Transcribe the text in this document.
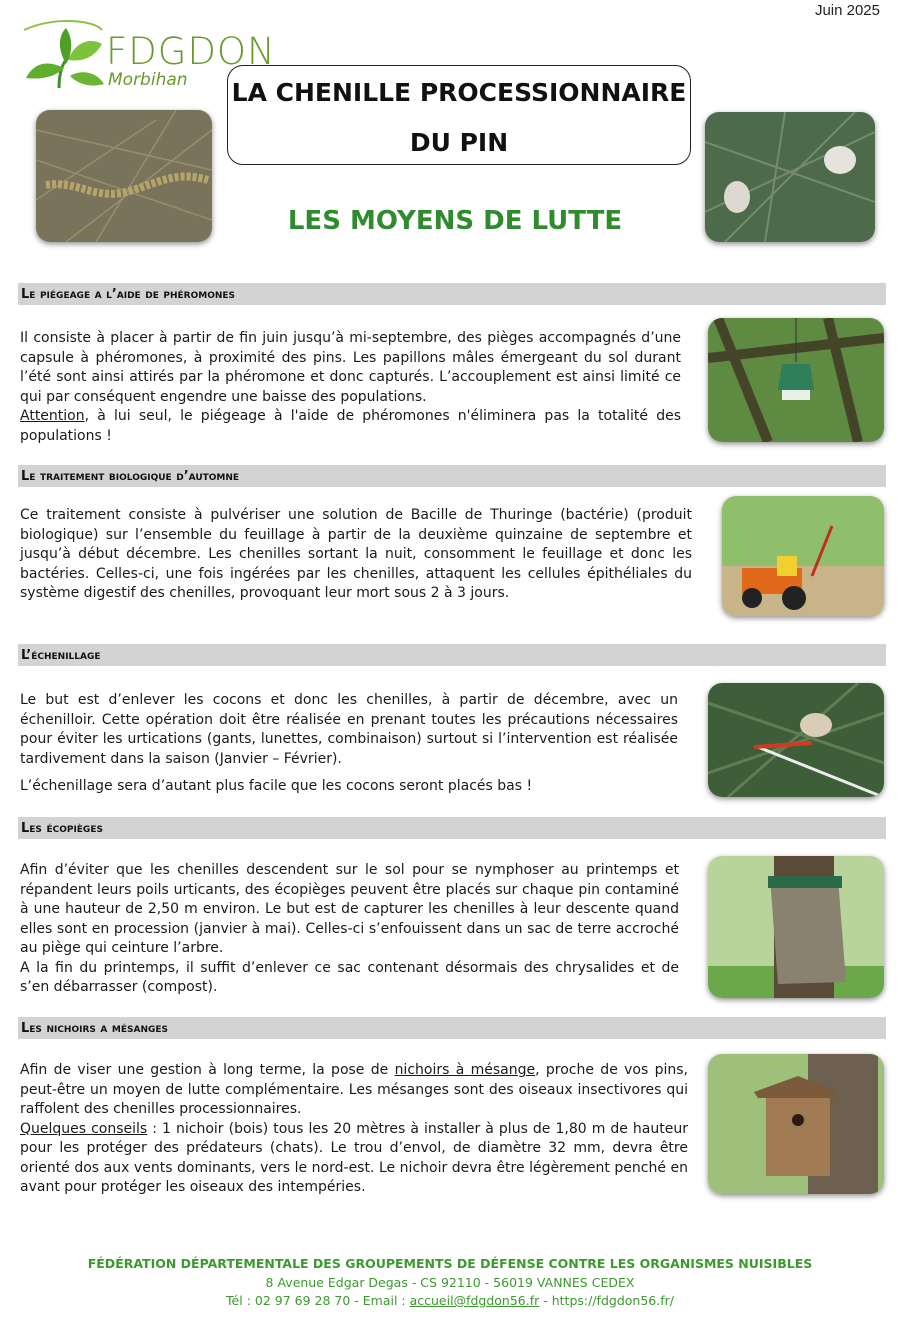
Juin 2025
FDGDON
Morbihan LA CHENILLE PROCESSIONNAIRE
DU PIN
LES MOYENS DE LUTTE
Le piégeage a l’aide de phéromones

Il consiste à placer à partir de fin juin jusqu’à mi-septembre, des pièges accompagnés d’une capsule à phéromones, à proximité des pins. Les papillons mâles émergeant du sol durant l’été sont ainsi attirés par la phéromone et donc capturés. L’accouplement est ainsi limité ce qui par conséquent engendre une baisse des populations.

Attention, à lui seul, le piégeage à l'aide de phéromones n'éliminera pas la totalité des populations !

Le traitement biologique d’automne

Ce traitement consiste à pulvériser une solution de Bacille de Thuringe (bactérie) (produit biologique) sur l’ensemble du feuillage à partir de la deuxième quinzaine de septembre et jusqu’à début décembre. Les chenilles sortant la nuit, consomment le feuillage et donc les bactéries. Celles-ci, une fois ingérées par les chenilles, attaquent les cellules épithéliales du système digestif des chenilles, provoquant leur mort sous 2 à 3 jours.

L’échenillage

Le but est d’enlever les cocons et donc les chenilles, à partir de décembre, avec un échenilloir. Cette opération doit être réalisée en prenant toutes les précautions nécessaires pour éviter les urtications (gants, lunettes, combinaison) surtout si l’intervention est réalisée tardivement dans la saison (Janvier – Février).

L’échenillage sera d’autant plus facile que les cocons seront placés bas !

Les écopièges

Afin d’éviter que les chenilles descendent sur le sol pour se nymphoser au printemps et répandent leurs poils urticants, des écopièges peuvent être placés sur chaque pin contaminé à une hauteur de 2,50 m environ. Le but est de capturer les chenilles à leur descente quand elles sont en procession (janvier à mai). Celles-ci s’enfouissent dans un sac de terre accroché au piège qui ceinture l’arbre.

A la fin du printemps, il suffit d’enlever ce sac contenant désormais des chrysalides et de s’en débarrasser (compost).

Les nichoirs a mésanges

Afin de viser une gestion à long terme, la pose de nichoirs à mésange, proche de vos pins, peut-être un moyen de lutte complémentaire. Les mésanges sont des oiseaux insectivores qui raffolent des chenilles processionnaires.

Quelques conseils : 1 nichoir (bois) tous les 20 mètres à installer à plus de 1,80 m de hauteur pour les protéger des prédateurs (chats). Le trou d’envol, de diamètre 32 mm, devra être orienté dos aux vents dominants, vers le nord-est. Le nichoir devra être légèrement penché en avant pour protéger les oiseaux des intempéries.

FÉDÉRATION DÉPARTEMENTALE DES GROUPEMENTS DE DÉFENSE CONTRE LES ORGANISMES NUISIBLES
8 Avenue Edgar Degas - CS 92110 - 56019 VANNES CEDEX
Tél : 02 97 69 28 70 - Email : accueil@fdgdon56.fr - https://fdgdon56.fr/
